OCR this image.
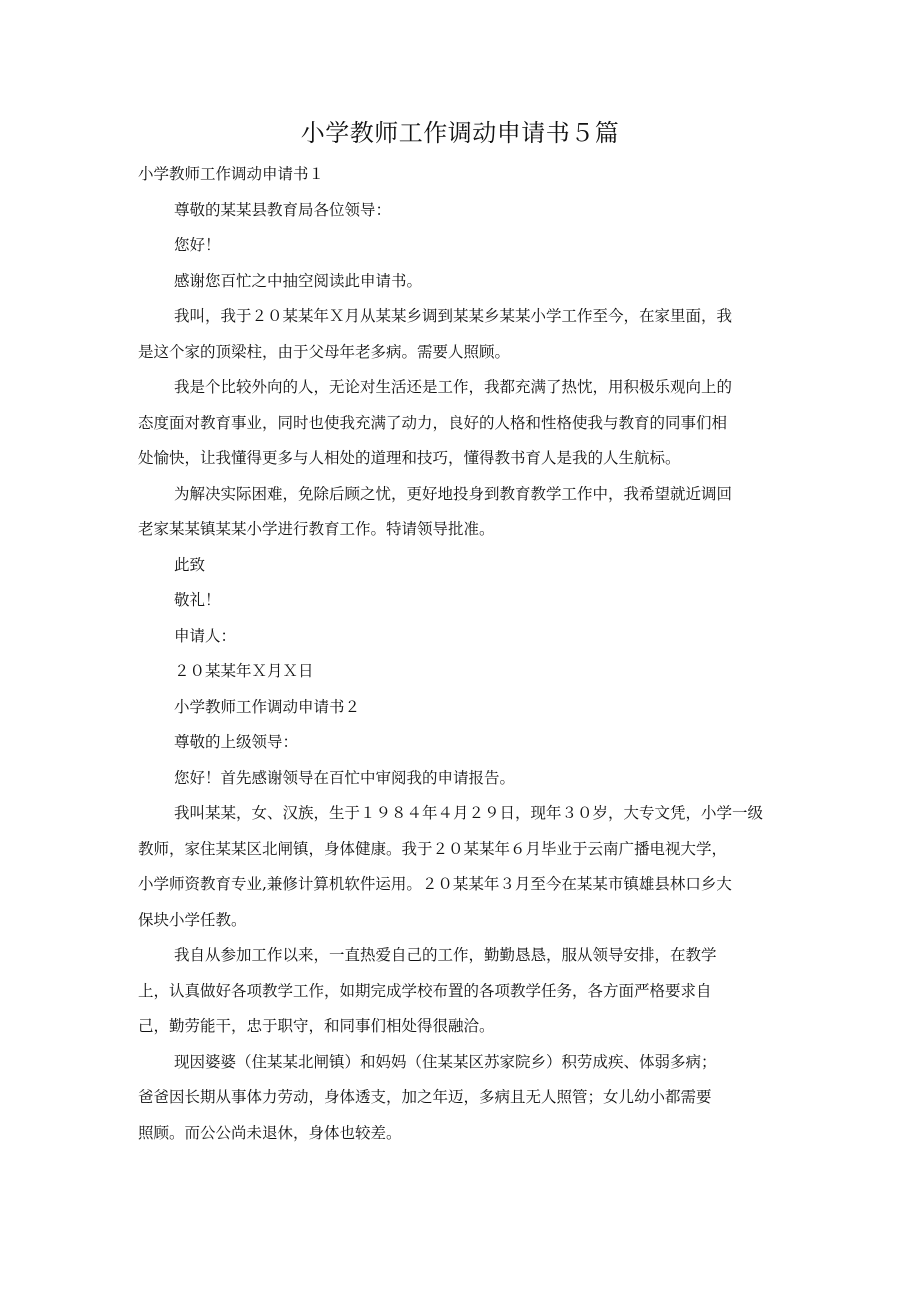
小学教师工作调动申请书５篇
小学教师工作调动申请书１
尊敬的某某县教育局各位领导：
您好！
感谢您百忙之中抽空阅读此申请书。
我叫，我于２０某某年Ｘ月从某某乡调到某某乡某某小学工作至今，在家里面，我
是这个家的顶梁柱，由于父母年老多病。需要人照顾。
我是个比较外向的人，无论对生活还是工作，我都充满了热忱，用积极乐观向上的
态度面对教育事业，同时也使我充满了动力，良好的人格和性格使我与教育的同事们相
处愉快，让我懂得更多与人相处的道理和技巧，懂得教书育人是我的人生航标。
为解决实际困难，免除后顾之忧，更好地投身到教育教学工作中，我希望就近调回
老家某某镇某某小学进行教育工作。特请领导批准。
此致
敬礼！
申请人：
２０某某年Ｘ月Ｘ日
小学教师工作调动申请书２
尊敬的上级领导：
您好！首先感谢领导在百忙中审阅我的申请报告。
我叫某某，女、汉族，生于１９８４年４月２９日，现年３０岁，大专文凭，小学一级
教师，家住某某区北闸镇，身体健康。我于２０某某年６月毕业于云南广播电视大学，
小学师资教育专业,兼修计算机软件运用。２０某某年３月至今在某某市镇雄县林口乡大
保块小学任教。
我自从参加工作以来，一直热爱自己的工作，勤勤恳恳，服从领导安排，在教学
上，认真做好各项教学工作，如期完成学校布置的各项教学任务，各方面严格要求自
己，勤劳能干，忠于职守，和同事们相处得很融洽。
现因婆婆（住某某北闸镇）和妈妈（住某某区苏家院乡）积劳成疾、体弱多病；
爸爸因长期从事体力劳动，身体透支，加之年迈，多病且无人照管；女儿幼小都需要
照顾。而公公尚未退休，身体也较差。
